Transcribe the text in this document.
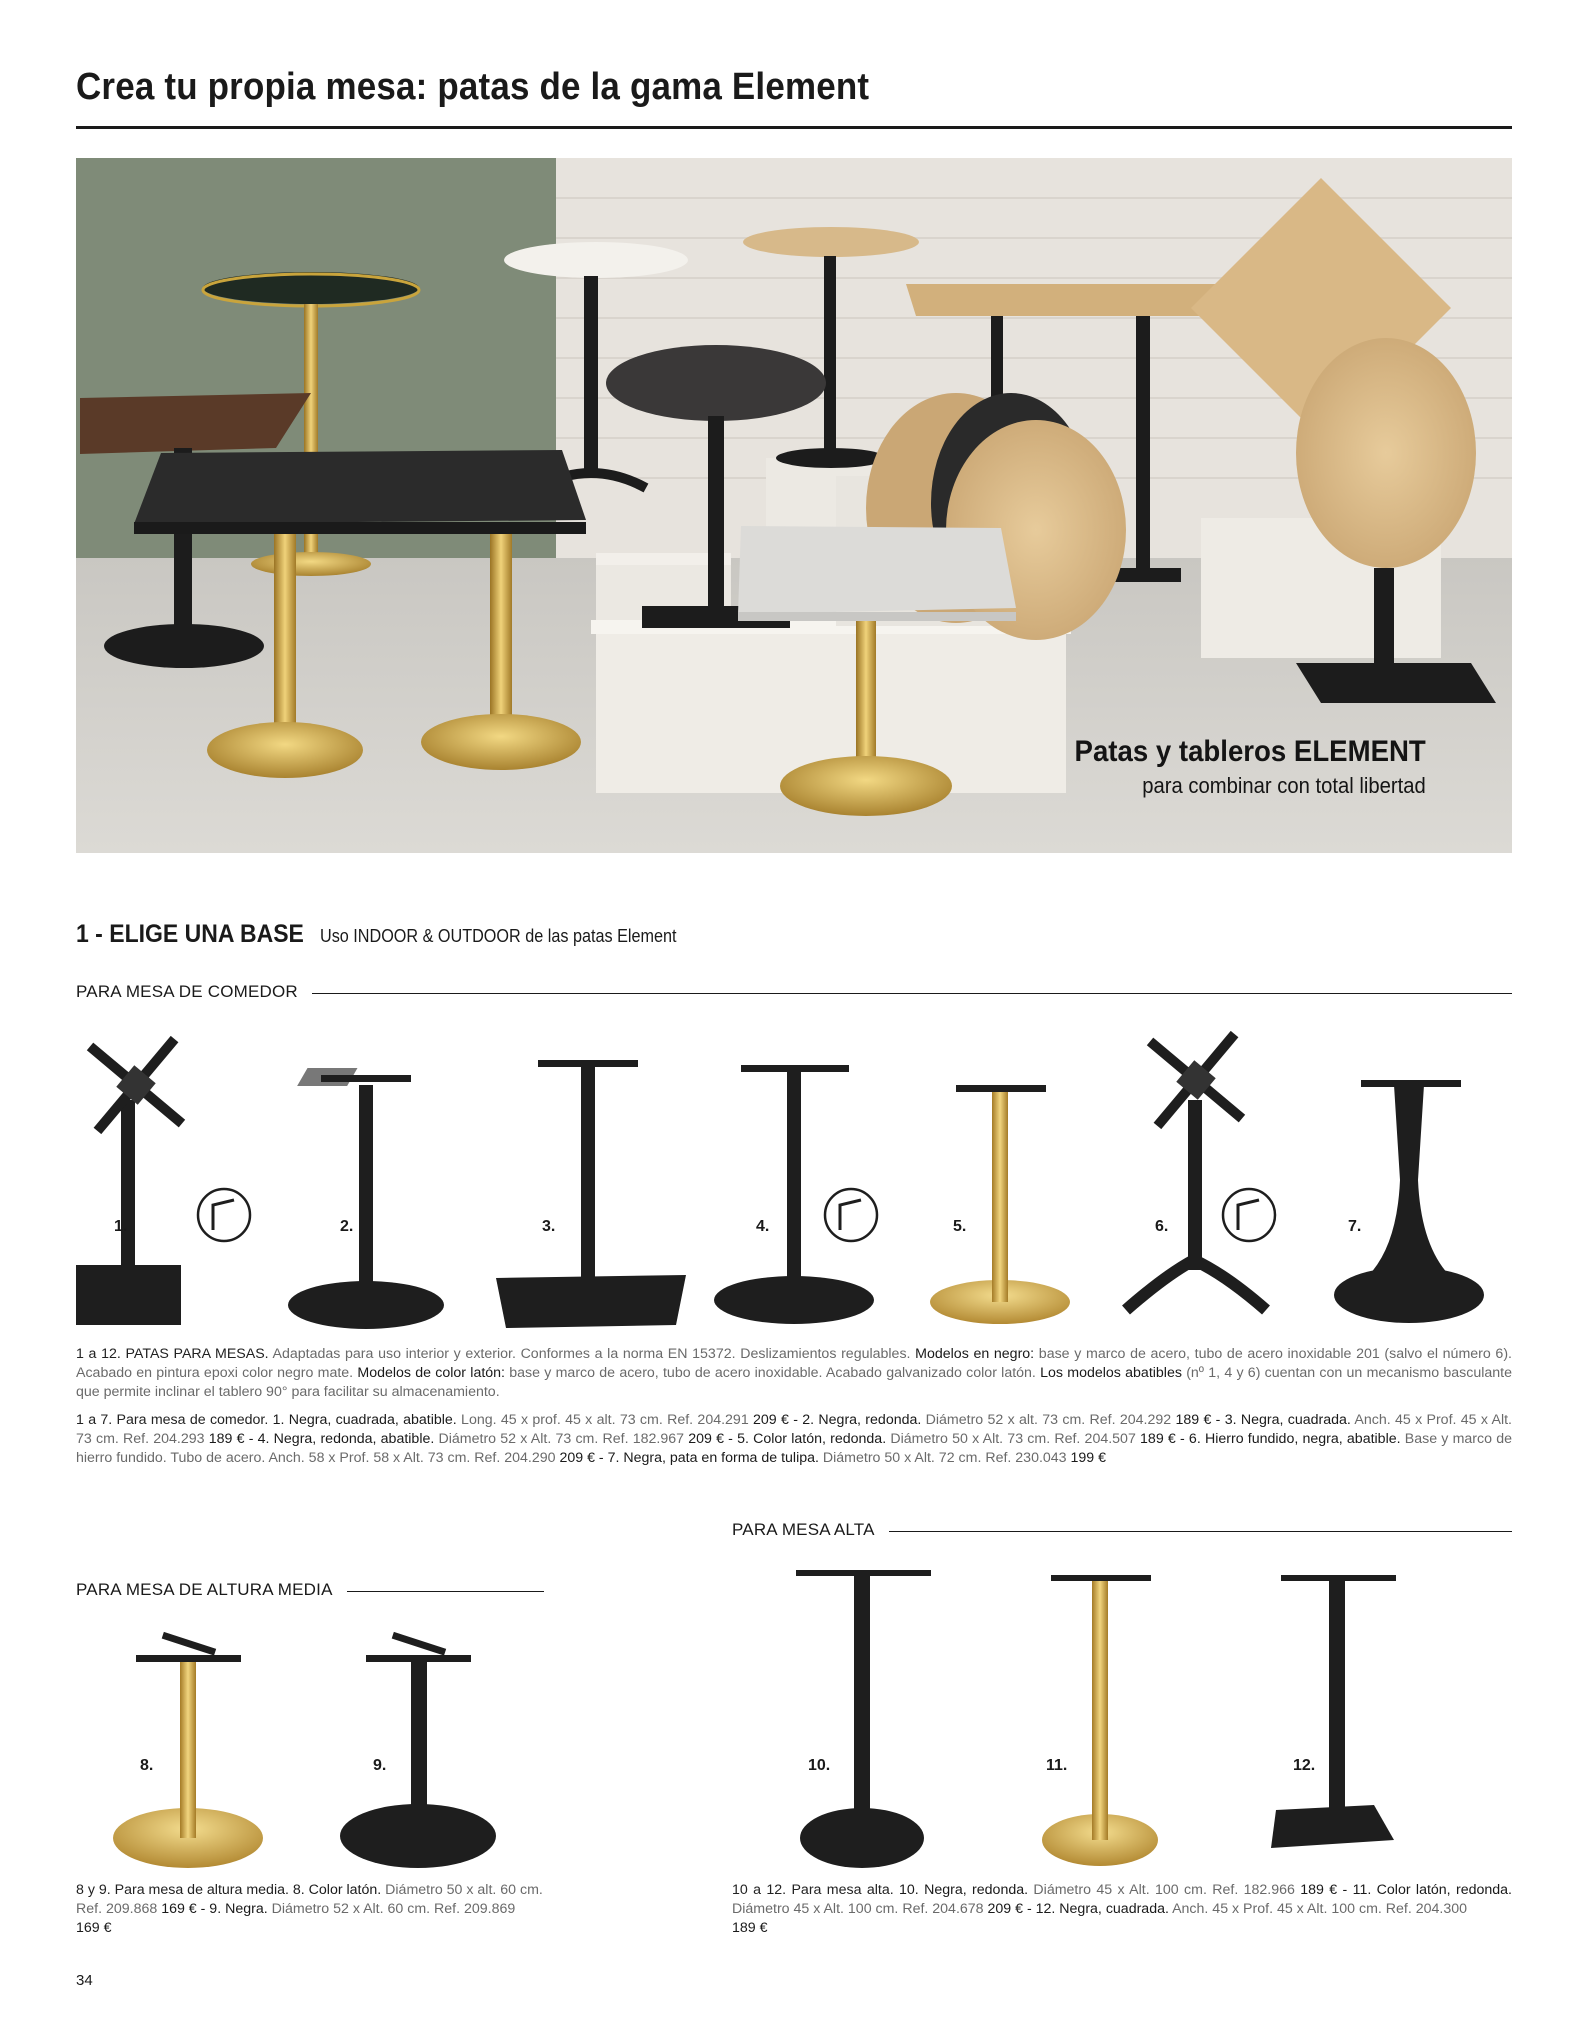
Crea tu propia mesa: patas de la gama Element
Patas y tableros ELEMENT
para combinar con total libertad
1 - ELIGE UNA BASE Uso INDOOR & OUTDOOR de las patas Element
PARA MESA DE COMEDOR
1.	2.	3.	4.	5.	6.	7.
1 a 12. PATAS PARA MESAS. Adaptadas para uso interior y exterior. Conformes a la norma EN 15372. Deslizamientos regulables. Modelos en negro: base y marco de acero, tubo de acero inoxidable 201 (salvo el número 6). Acabado en pintura epoxi color negro mate. Modelos de color latón: base y marco de acero, tubo de acero inoxidable. Acabado galvanizado color latón. Los modelos abatibles (nº 1, 4 y 6) cuentan con un mecanismo basculante que permite inclinar el tablero 90° para facilitar su almacenamiento.
1 a 7. Para mesa de comedor. 1. Negra, cuadrada, abatible. Long. 45 x prof. 45 x alt. 73 cm. Ref. 204.291 209 € - 2. Negra, redonda. Diámetro 52 x alt. 73 cm. Ref. 204.292 189 € - 3. Negra, cuadrada. Anch. 45 x Prof. 45 x Alt. 73 cm. Ref. 204.293 189 € - 4. Negra, redonda, abatible. Diámetro 52 x Alt. 73 cm. Ref. 182.967 209 € - 5. Color latón, redonda. Diámetro 50 x Alt. 73 cm. Ref. 204.507 189 € - 6. Hierro fundido, negra, abatible. Base y marco de hierro fundido. Tubo de acero. Anch. 58 x Prof. 58 x Alt. 73 cm. Ref. 204.290 209 € - 7. Negra, pata en forma de tulipa. Diámetro 50 x Alt. 72 cm. Ref. 230.043 199 €
PARA MESA ALTA
PARA MESA DE ALTURA MEDIA
8.	9.	10.	11.	12.
8 y 9. Para mesa de altura media. 8. Color latón. Diámetro 50 x alt. 60 cm. Ref. 209.868 169 € - 9. Negra. Diámetro 52 x Alt. 60 cm. Ref. 209.869
169 €
10 a 12. Para mesa alta. 10. Negra, redonda. Diámetro 45 x Alt. 100 cm. Ref. 182.966 189 € - 11. Color latón, redonda. Diámetro 45 x Alt. 100 cm. Ref. 204.678 209 € - 12. Negra, cuadrada. Anch. 45 x Prof. 45 x Alt. 100 cm. Ref. 204.300
189 €
34
